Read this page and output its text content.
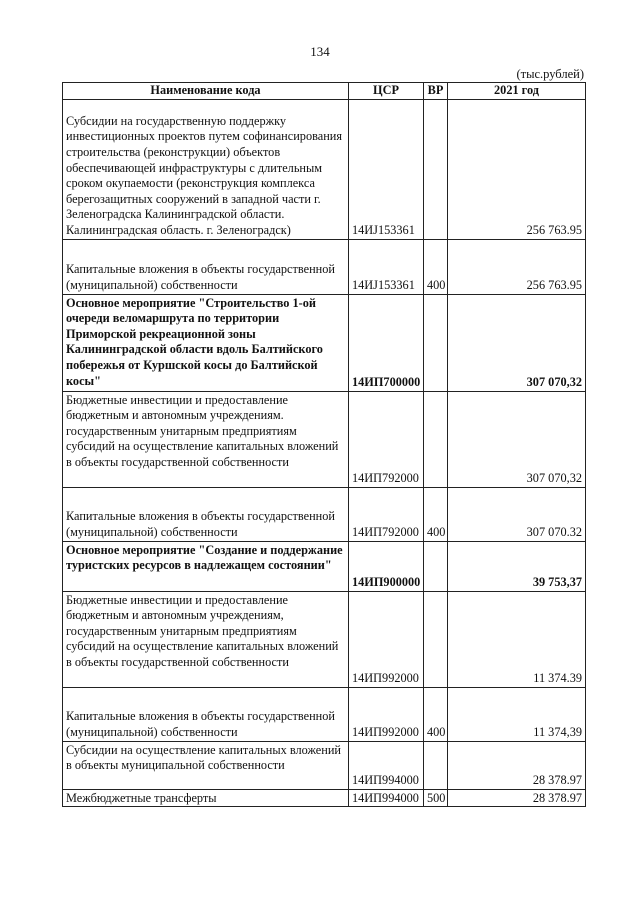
134
(тыс.рублей)
Наименование кода	ЦСР	ВР	2021 год
Субсидии на государственную поддержку инвестиционных проектов путем софинансирования строительства (реконструкции) объектов обеспечивающей инфраструктуры с длительным сроком окупаемости (реконструкция комплекса берегозащитных сооружений в западной части г. Зеленоградска Калининградской области. Калининградская область. г. Зеленоградск)	14ИJ153361		256 763.95
Капитальные вложения в объекты государственной (муниципальной) собственности	14ИJ153361	400	256 763.95
Основное мероприятие "Строительство 1-ой очереди веломаршрута по территории Приморской рекреационной зоны Калининградской области вдоль Балтийского побережья от Куршской косы до Балтийской косы"	14ИП700000		307 070,32
Бюджетные инвестиции и предоставление бюджетным и автономным учреждениям. государственным унитарным предприятиям субсидий на осуществление капитальных вложений в объекты государственной собственности	14ИП792000		307 070,32
Капитальные вложения в объекты государственной (муниципальной) собственности	14ИП792000	400	307 070.32
Основное мероприятие "Создание и поддержание туристских ресурсов в надлежащем состоянии"	14ИП900000		39 753,37
Бюджетные инвестиции и предоставление бюджетным и автономным учреждениям, государственным унитарным предприятиям субсидий на осуществление капитальных вложений в объекты государственной собственности	14ИП992000		11 374.39
Капитальные вложения в объекты государственной (муниципальной) собственности	14ИП992000	400	11 374,39
Субсидии на осуществление капитальных вложений в объекты муниципальной собственности	14ИП994000		28 378.97
Межбюджетные трансферты	14ИП994000	500	28 378.97
